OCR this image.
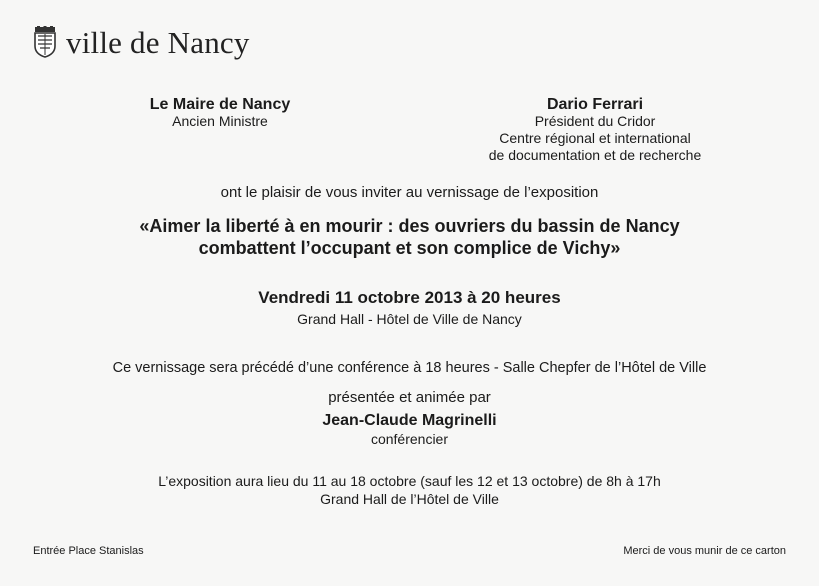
ville de Nancy
Le Maire de Nancy
Ancien Ministre
Dario Ferrari
Président du Cridor
Centre régional et international
de documentation et de recherche
ont le plaisir de vous inviter au vernissage de l’exposition
«Aimer la liberté à en mourir : des ouvriers du bassin de Nancy
combattent l’occupant et son complice de Vichy»
Vendredi 11 octobre 2013 à 20 heures
Grand Hall - Hôtel de Ville de Nancy
Ce vernissage sera précédé d’une conférence à 18 heures - Salle Chepfer de l’Hôtel de Ville
présentée et animée par
Jean-Claude Magrinelli
conférencier
L’exposition aura lieu du 11 au 18 octobre (sauf les 12 et 13 octobre) de 8h à 17h
Grand Hall de l’Hôtel de Ville
Entrée Place Stanislas	Merci de vous munir de ce carton
